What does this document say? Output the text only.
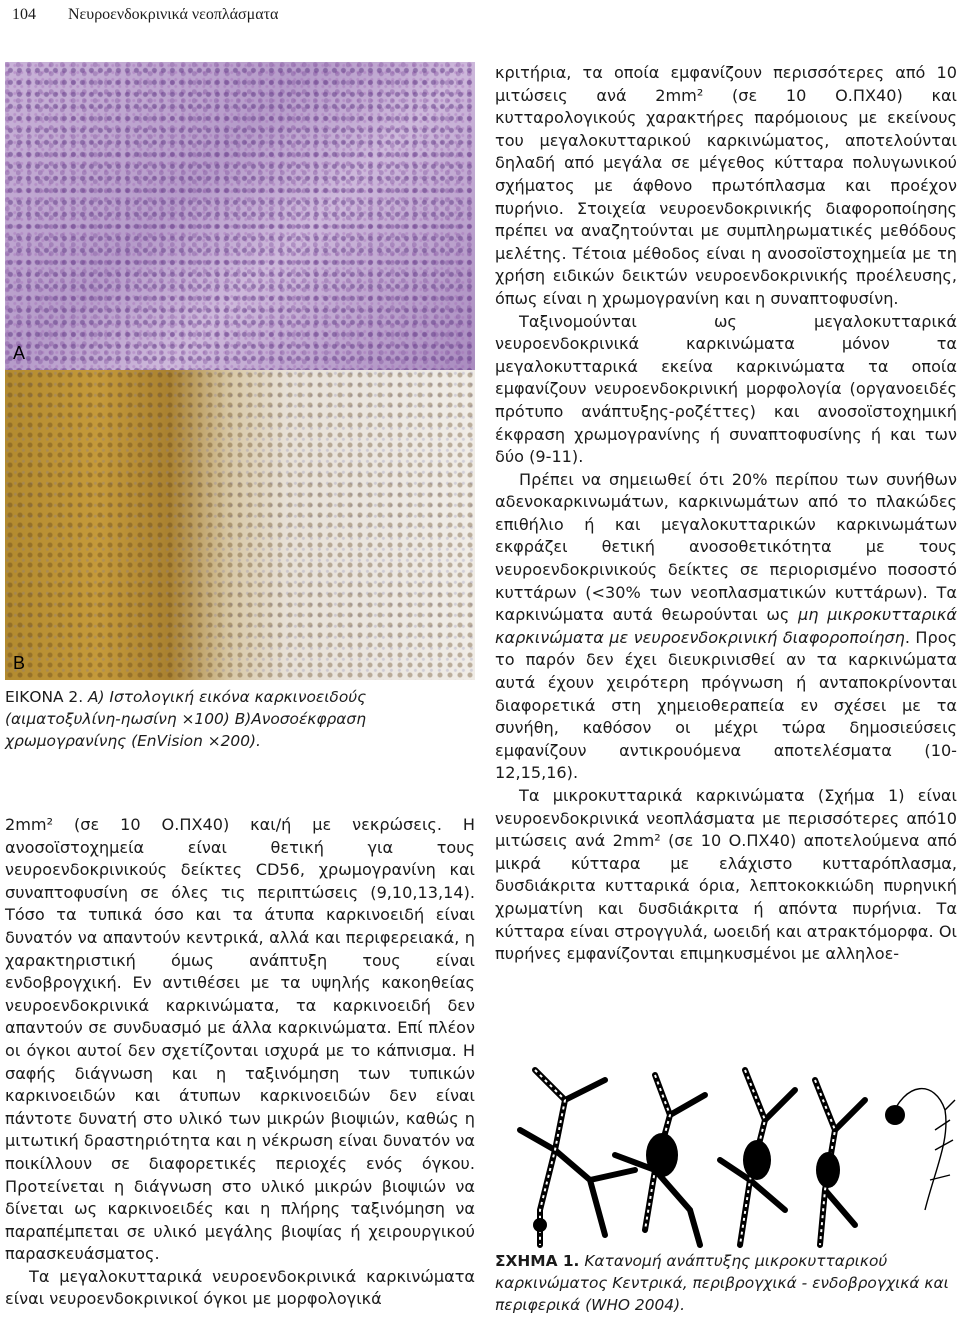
104 Νευροενδοκρινικά νεοπλάσματα
A
B
ΕΙΚΟΝΑ 2. Α) Ιστολογική εικόνα καρκινοειδούς (αιματοξυλίνη-ηωσίνη ×100) Β)Ανοσοέκφραση χρωμογρανίνης (EnVision ×200).

2mm² (σε 10 Ο.ΠΧ40) και/ή με νεκρώσεις. Η ανοσοϊστοχημεία είναι θετική για τους νευροενδοκρινικούς δείκτες CD56, χρωμογρανίνη και συναπτοφυσίνη σε όλες τις περιπτώσεις (9,10,13,14). Τόσο τα τυπικά όσο και τα άτυπα καρκινοειδή είναι δυνατόν να απαντούν κεντρικά, αλλά και περιφερειακά, η χαρακτηριστική όμως ανάπτυξη τους είναι ενδοβρογχική. Εν αντιθέσει με τα υψηλής κακοηθείας νευροενδοκρινικά καρκινώματα, τα καρκινοειδή δεν απαντούν σε συνδυασμό με άλλα καρκινώματα. Επί πλέον οι όγκοι αυτοί δεν σχετίζονται ισχυρά με το κάπνισμα. Η σαφής διάγνωση και η ταξινόμηση των τυπικών καρκινοειδών και άτυπων καρκινοειδών δεν είναι πάντοτε δυνατή στο υλικό των μικρών βιοψιών, καθώς η μιτωτική δραστηριότητα και η νέκρωση είναι δυνατόν να ποικίλλουν σε διαφορετικές περιοχές ενός όγκου. Προτείνεται η διάγνωση στο υλικό μικρών βιοψιών να δίνεται ως καρκινοειδές και η πλήρης ταξινόμηση να παραπέμπεται σε υλικό μεγάλης βιοψίας ή χειρουργικού παρασκευάσματος.

Τα μεγαλοκυτταρικά νευροενδοκρινικά καρκινώματα είναι νευροενδοκρινικοί όγκοι με μορφολογικά

κριτήρια, τα οποία εμφανίζουν περισσότερες από 10 μιτώσεις ανά 2mm² (σε 10 Ο.ΠΧ40) και κυτταρολογικούς χαρακτήρες παρόμοιους με εκείνους του μεγαλοκυτταρικού καρκινώματος, αποτελούνται δηλαδή από μεγάλα σε μέγεθος κύτταρα πολυγωνικού σχήματος με άφθονο πρωτόπλασμα και προέχον πυρήνιο. Στοιχεία νευροενδοκρινικής διαφοροποίησης πρέπει να αναζητούνται με συμπληρωματικές μεθόδους μελέτης. Τέτοια μέθοδος είναι η ανοσοϊστοχημεία με τη χρήση ειδικών δεικτών νευροενδοκρινικής προέλευσης, όπως είναι η χρωμογρανίνη και η συναπτοφυσίνη.

Ταξινομούνται ως μεγαλοκυτταρικά νευροενδοκρινικά καρκινώματα μόνον τα μεγαλοκυτταρικά εκείνα καρκινώματα τα οποία εμφανίζουν νευροενδοκρινική μορφολογία (οργανοειδές πρότυπο ανάπτυξης-ροζέττες) και ανοσοϊστοχημική έκφραση χρωμογρανίνης ή συναπτοφυσίνης ή και των δύο (9-11).

Πρέπει να σημειωθεί ότι 20% περίπου των συνήθων αδενοκαρκινωμάτων, καρκινωμάτων από το πλακώδες επιθήλιο ή και μεγαλοκυτταρικών καρκινωμάτων εκφράζει θετική ανοσοθετικότητα με τους νευροενδοκρινικούς δείκτες σε περιορισμένο ποσοστό κυττάρων (<30% των νεοπλασματικών κυττάρων). Τα καρκινώματα αυτά θεωρούνται ως μη μικροκυτταρικά καρκινώματα με νευροενδοκρινική διαφοροποίηση. Προς το παρόν δεν έχει διευκρινισθεί αν τα καρκινώματα αυτά έχουν χειρότερη πρόγνωση ή ανταποκρίνονται διαφορετικά στη χημειοθεραπεία εν σχέσει με τα συνήθη, καθόσον οι μέχρι τώρα δημοσιεύσεις εμφανίζουν αντικρουόμενα αποτελέσματα (10-12,15,16).

Τα μικροκυτταρικά καρκινώματα (Σχήμα 1) είναι νευροενδοκρινικά νεοπλάσματα με περισσότερες από10 μιτώσεις ανά 2mm² (σε 10 Ο.ΠΧ40) αποτελούμενα από μικρά κύτταρα με ελάχιστο κυτταρόπλασμα, δυσδιάκριτα κυτταρικά όρια, λεπτοκοκκιώδη πυρηνική χρωματίνη και δυσδιάκριτα ή απόντα πυρήνια. Τα κύτταρα είναι στρογγυλά, ωοειδή και ατρακτόμορφα. Οι πυρήνες εμφανίζονται επιμηκυσμένοι με αλληλοε-

ΣΧΗΜΑ 1. Κατανομή ανάπτυξης μικροκυτταρικού καρκινώματος Κεντρικά, περιβρογχικά - ενδοβρογχικά και περιφερικά (WHO 2004).
